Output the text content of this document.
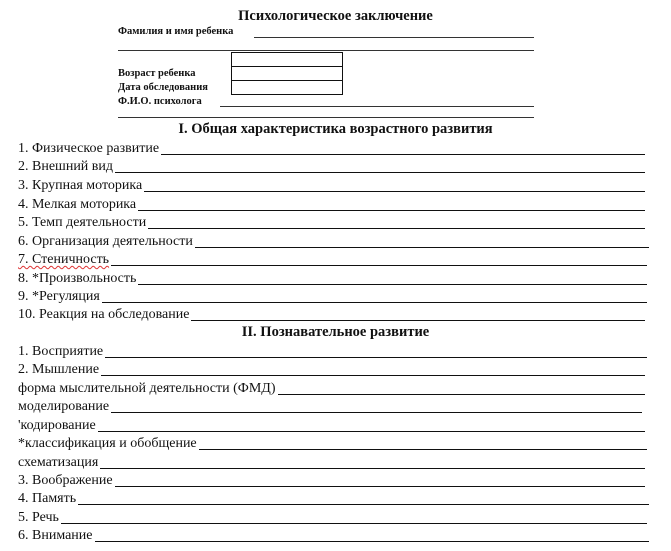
Психологическое заключение
Фамилия и имя ребенка
Возраст ребенка
Дата обследования
Ф.И.О. психолога
I. Общая характеристика возрастного развития
1. Физическое развитие
2. Внешний вид
3. Крупная моторика
4. Мелкая моторика
5. Темп деятельности
6. Организация деятельности
7. Стеничность
8. *Произвольность
9. *Регуляция
10. Реакция на обследование
II. Познавательное развитие
1. Восприятие
2. Мышление
форма мыслительной деятельности (ФМД)
моделирование
'кодирование
*классификация и обобщение
схематизация
3. Воображение
4. Память
5. Речь
6. Внимание
